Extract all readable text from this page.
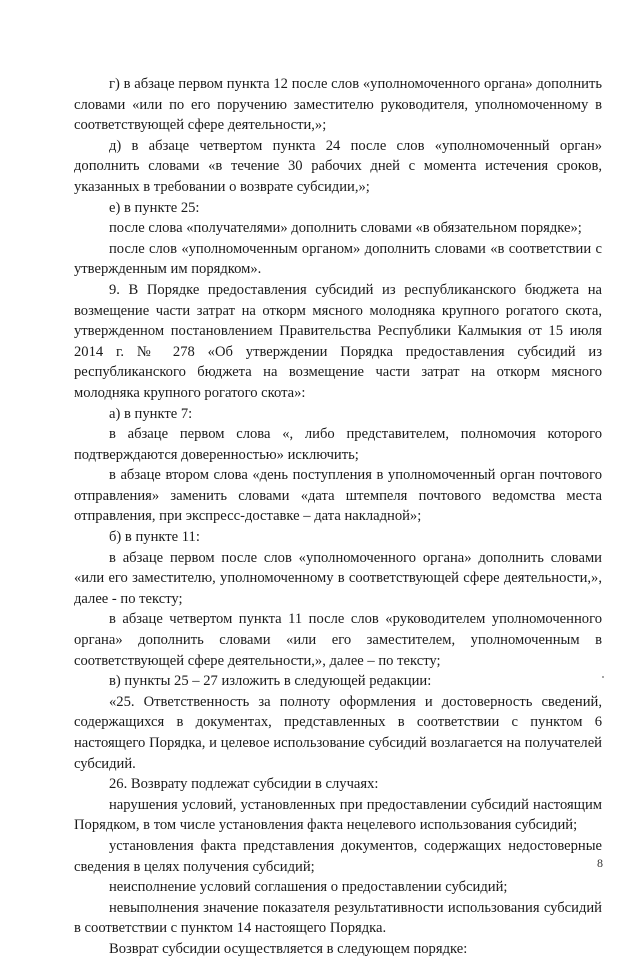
г) в абзаце первом пункта 12 после слов «уполномоченного органа» дополнить словами «или по его поручению заместителю руководителя, уполномоченному в соответствующей сфере деятельности,»;

д) в абзаце четвертом пункта 24 после слов «уполномоченный орган» дополнить словами «в течение 30 рабочих дней с момента истечения сроков, указанных в требовании о возврате субсидии,»;

е) в пункте 25:

после слова «получателями» дополнить словами «в обязательном порядке»;

после слов «уполномоченным органом» дополнить словами «в соответствии с утвержденным им порядком».

9. В Порядке предоставления субсидий из республиканского бюджета на возмещение части затрат на откорм мясного молодняка крупного рогатого скота, утвержденном постановлением Правительства Республики Калмыкия от 15 июля 2014 г. № 278 «Об утверждении Порядка предоставления субсидий из республиканского бюджета на возмещение части затрат на откорм мясного молодняка крупного рогатого скота»:

а) в пункте 7:

в абзаце первом слова «, либо представителем, полномочия которого подтверждаются доверенностью» исключить;

в абзаце втором слова «день поступления в уполномоченный орган почтового отправления» заменить словами «дата штемпеля почтового ведомства места отправления, при экспресс-доставке – дата накладной»;

б) в пункте 11:

в абзаце первом после слов «уполномоченного органа» дополнить словами «или его заместителю, уполномоченному в соответствующей сфере деятельности,», далее - по тексту;

в абзаце четвертом пункта 11 после слов «руководителем уполномоченного органа» дополнить словами «или его заместителем, уполномоченным в соответствующей сфере деятельности,», далее – по тексту;

в) пункты 25 – 27 изложить в следующей редакции:

«25. Ответственность за полноту оформления и достоверность сведений, содержащихся в документах, представленных в соответствии с пунктом 6 настоящего Порядка, и целевое использование субсидий возлагается на получателей субсидий.

26. Возврату подлежат субсидии в случаях:

нарушения условий, установленных при предоставлении субсидий настоящим Порядком, в том числе установления факта нецелевого использования субсидий;

установления факта представления документов, содержащих недостоверные сведения в целях получения субсидий;

неисполнение условий соглашения о предоставлении субсидий;

невыполнения значение показателя результативности использования субсидий в соответствии с пунктом 14 настоящего Порядка.

Возврат субсидии осуществляется в следующем порядке:

8
